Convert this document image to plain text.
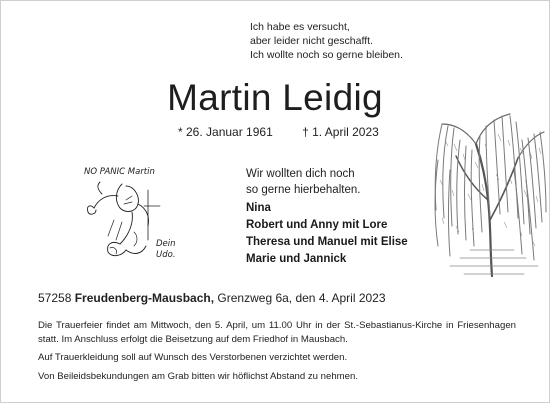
Ich habe es versucht,
aber leider nicht geschafft.
Ich wollte noch so gerne bleiben.
Martin Leidig
* 26. Januar 1961 † 1. April 2023
NO PANIC Martin
Dein
Udo.
Wir wollten dich noch
so gerne hierbehalten.
Nina
Robert und Anny mit Lore
Theresa und Manuel mit Elise
Marie und Jannick
57258 Freudenberg-Mausbach, Grenzweg 6a, den 4. April 2023

Die Trauerfeier findet am Mittwoch, den 5. April, um 11.00 Uhr in der St.-Sebastianus-Kirche in Friesenhagen statt. Im Anschluss erfolgt die Beisetzung auf dem Friedhof in Mausbach.

Auf Trauerkleidung soll auf Wunsch des Verstorbenen verzichtet werden.

Von Beileidsbekundungen am Grab bitten wir höflichst Abstand zu nehmen.
